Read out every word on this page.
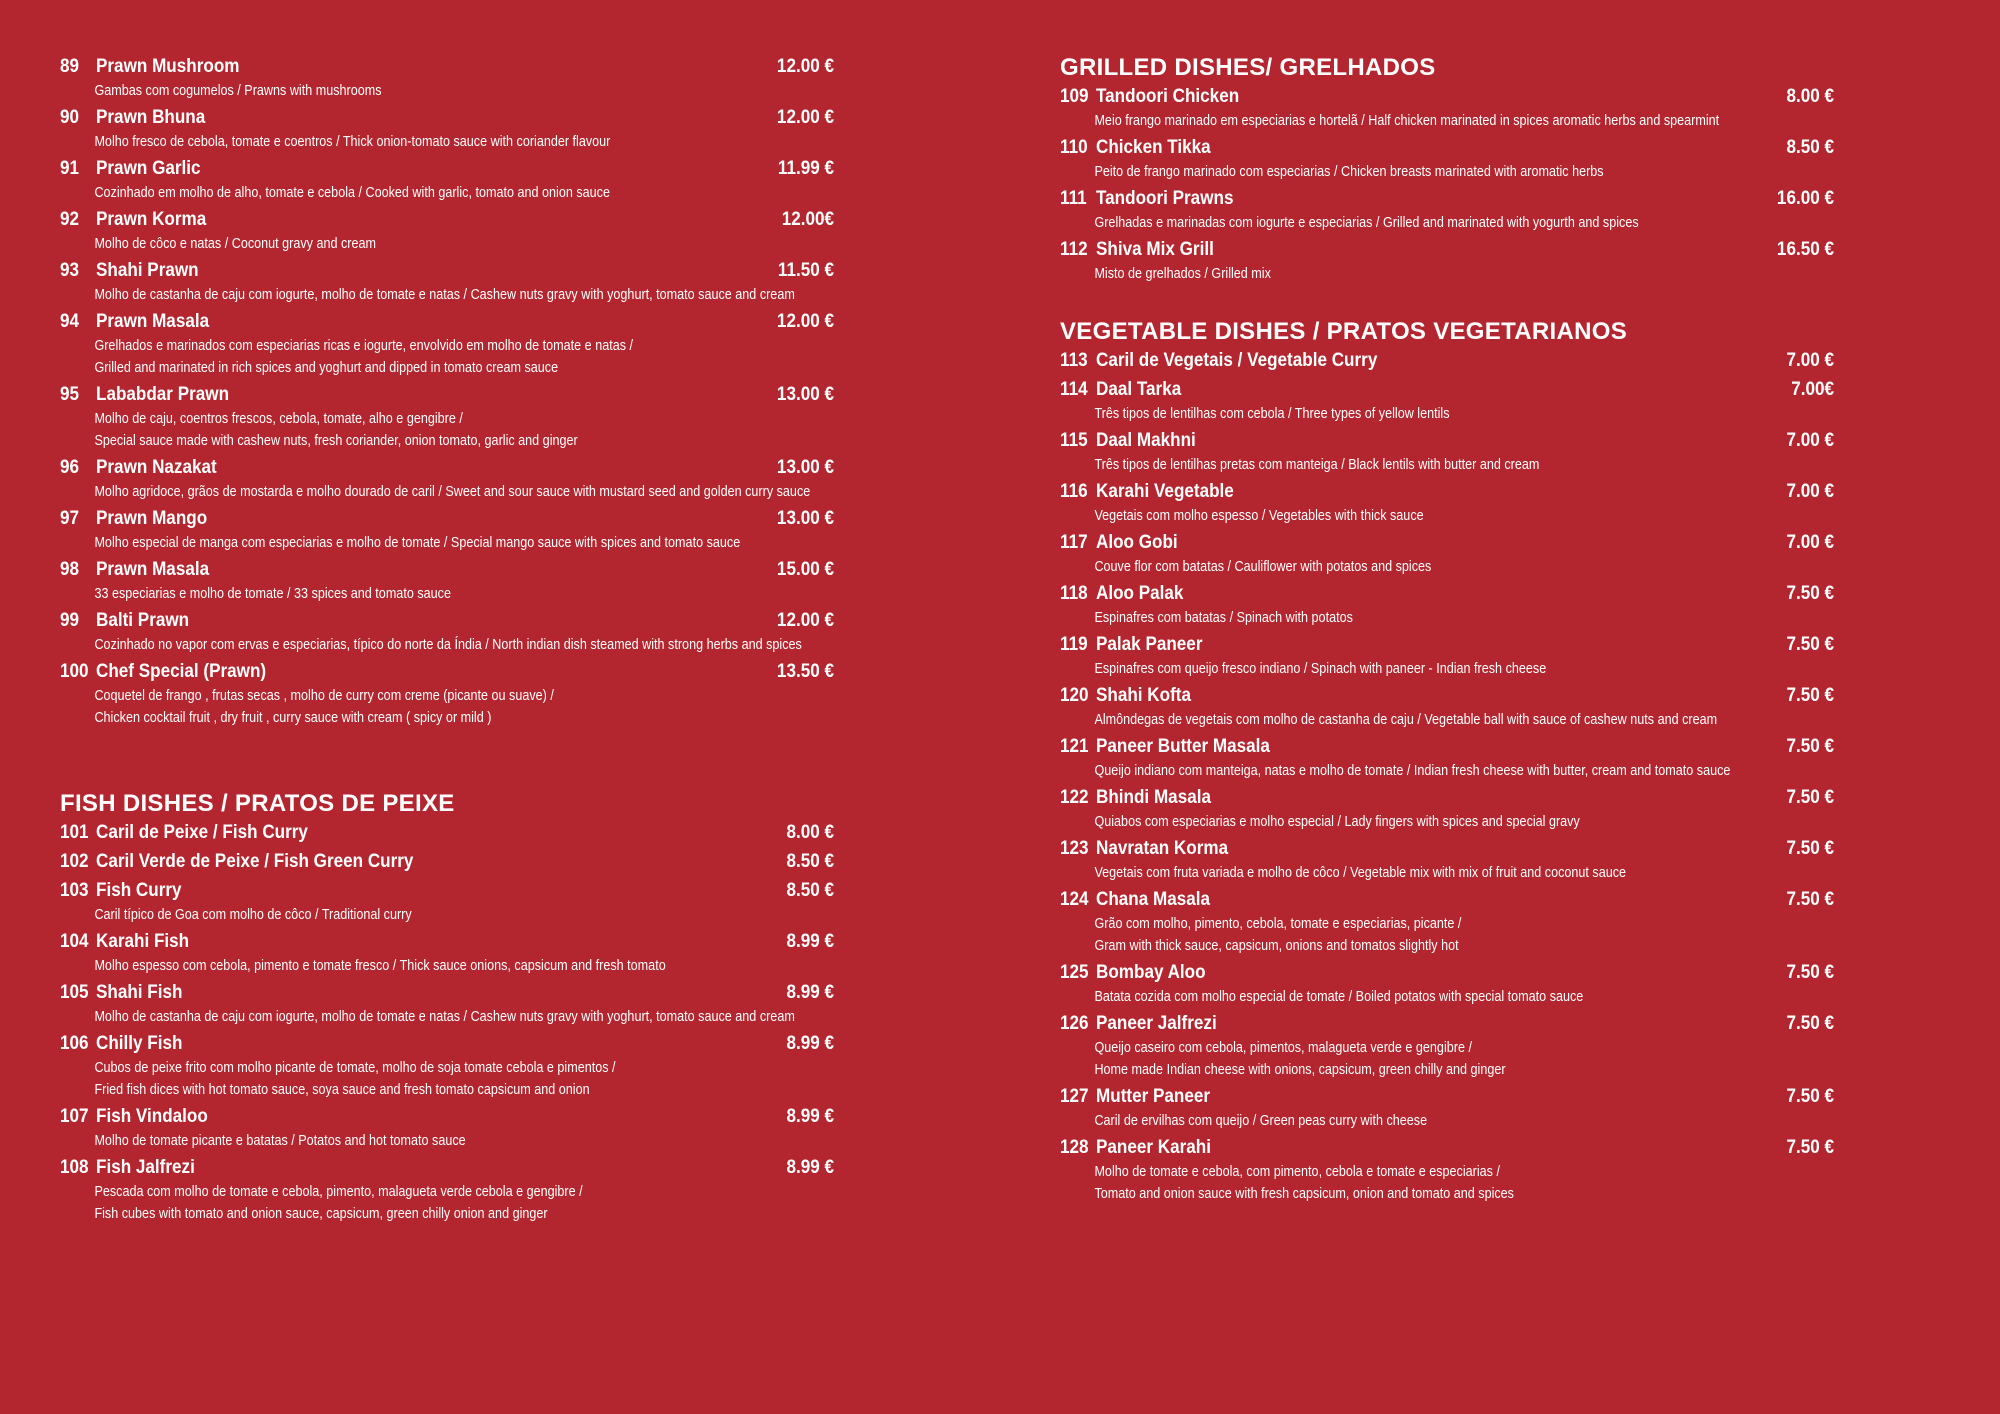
89 Prawn Mushroom	12.00 €
Gambas com cogumelos / Prawns with mushrooms
90 Prawn Bhuna	12.00 €
Molho fresco de cebola, tomate e coentros / Thick onion-tomato sauce with coriander flavour
91 Prawn Garlic	11.99 €
Cozinhado em molho de alho, tomate e cebola / Cooked with garlic, tomato and onion sauce
92 Prawn Korma	12.00€
Molho de côco e natas / Coconut gravy and cream
93 Shahi Prawn	11.50 €
Molho de castanha de caju com iogurte, molho de tomate e natas / Cashew nuts gravy with yoghurt, tomato sauce and cream
94 Prawn Masala	12.00 €
Grelhados e marinados com especiarias ricas e iogurte, envolvido em molho de tomate e natas /
Grilled and marinated in rich spices and yoghurt and dipped in tomato cream sauce
95 Lababdar Prawn	13.00 €
Molho de caju, coentros frescos, cebola, tomate, alho e gengibre /
Special sauce made with cashew nuts, fresh coriander, onion tomato, garlic and ginger
96 Prawn Nazakat	13.00 €
Molho agridoce, grãos de mostarda e molho dourado de caril / Sweet and sour sauce with mustard seed and golden curry sauce
97 Prawn Mango	13.00 €
Molho especial de manga com especiarias e molho de tomate / Special mango sauce with spices and tomato sauce
98 Prawn Masala	15.00 €
33 especiarias e molho de tomate / 33 spices and tomato sauce
99 Balti Prawn	12.00 €
Cozinhado no vapor com ervas e especiarias, típico do norte da Índia / North indian dish steamed with strong herbs and spices
100 Chef Special (Prawn)	13.50 €
Coquetel de frango , frutas secas , molho de curry com creme (picante ou suave) /
Chicken cocktail fruit , dry fruit , curry sauce with cream ( spicy or mild )
FISH DISHES / PRATOS DE PEIXE
101 Caril de Peixe / Fish Curry	8.00 €
102 Caril Verde de Peixe / Fish Green Curry	8.50 €
103 Fish Curry	8.50 €
Caril típico de Goa com molho de côco / Traditional curry
104 Karahi Fish	8.99 €
Molho espesso com cebola, pimento e tomate fresco / Thick sauce onions, capsicum and fresh tomato
105 Shahi Fish	8.99 €
Molho de castanha de caju com iogurte, molho de tomate e natas / Cashew nuts gravy with yoghurt, tomato sauce and cream
106 Chilly Fish	8.99 €
Cubos de peixe frito com molho picante de tomate, molho de soja tomate cebola e pimentos /
Fried fish dices with hot tomato sauce, soya sauce and fresh tomato capsicum and onion
107 Fish Vindaloo	8.99 €
Molho de tomate picante e batatas / Potatos and hot tomato sauce
108 Fish Jalfrezi	8.99 €
Pescada com molho de tomate e cebola, pimento, malagueta verde cebola e gengibre /
Fish cubes with tomato and onion sauce, capsicum, green chilly onion and ginger
GRILLED DISHES/ GRELHADOS
109 Tandoori Chicken	8.00 €
Meio frango marinado em especiarias e hortelã / Half chicken marinated in spices aromatic herbs and spearmint
110 Chicken Tikka	8.50 €
Peito de frango marinado com especiarias / Chicken breasts marinated with aromatic herbs
111 Tandoori Prawns	16.00 €
Grelhadas e marinadas com iogurte e especiarias / Grilled and marinated with yogurth and spices
112 Shiva Mix Grill	16.50 €
Misto de grelhados / Grilled mix
VEGETABLE DISHES / PRATOS VEGETARIANOS
113 Caril de Vegetais / Vegetable Curry	7.00 €
114 Daal Tarka	7.00€
Três tipos de lentilhas com cebola / Three types of yellow lentils
115 Daal Makhni	7.00 €
Três tipos de lentilhas pretas com manteiga / Black lentils with butter and cream
116 Karahi Vegetable	7.00 €
Vegetais com molho espesso / Vegetables with thick sauce
117 Aloo Gobi	7.00 €
Couve flor com batatas / Cauliflower with potatos and spices
118 Aloo Palak	7.50 €
Espinafres com batatas / Spinach with potatos
119 Palak Paneer	7.50 €
Espinafres com queijo fresco indiano / Spinach with paneer - Indian fresh cheese
120 Shahi Kofta	7.50 €
Almôndegas de vegetais com molho de castanha de caju / Vegetable ball with sauce of cashew nuts and cream
121 Paneer Butter Masala	7.50 €
Queijo indiano com manteiga, natas e molho de tomate / Indian fresh cheese with butter, cream and tomato sauce
122 Bhindi Masala	7.50 €
Quiabos com especiarias e molho especial / Lady fingers with spices and special gravy
123 Navratan Korma	7.50 €
Vegetais com fruta variada e molho de côco / Vegetable mix with mix of fruit and coconut sauce
124 Chana Masala	7.50 €
Grão com molho, pimento, cebola, tomate e especiarias, picante /
Gram with thick sauce, capsicum, onions and tomatos slightly hot
125 Bombay Aloo	7.50 €
Batata cozida com molho especial de tomate / Boiled potatos with special tomato sauce
126 Paneer Jalfrezi	7.50 €
Queijo caseiro com cebola, pimentos, malagueta verde e gengibre /
Home made Indian cheese with onions, capsicum, green chilly and ginger
127 Mutter Paneer	7.50 €
Caril de ervilhas com queijo / Green peas curry with cheese
128 Paneer Karahi	7.50 €
Molho de tomate e cebola, com pimento, cebola e tomate e especiarias /
Tomato and onion sauce with fresh capsicum, onion and tomato and spices
